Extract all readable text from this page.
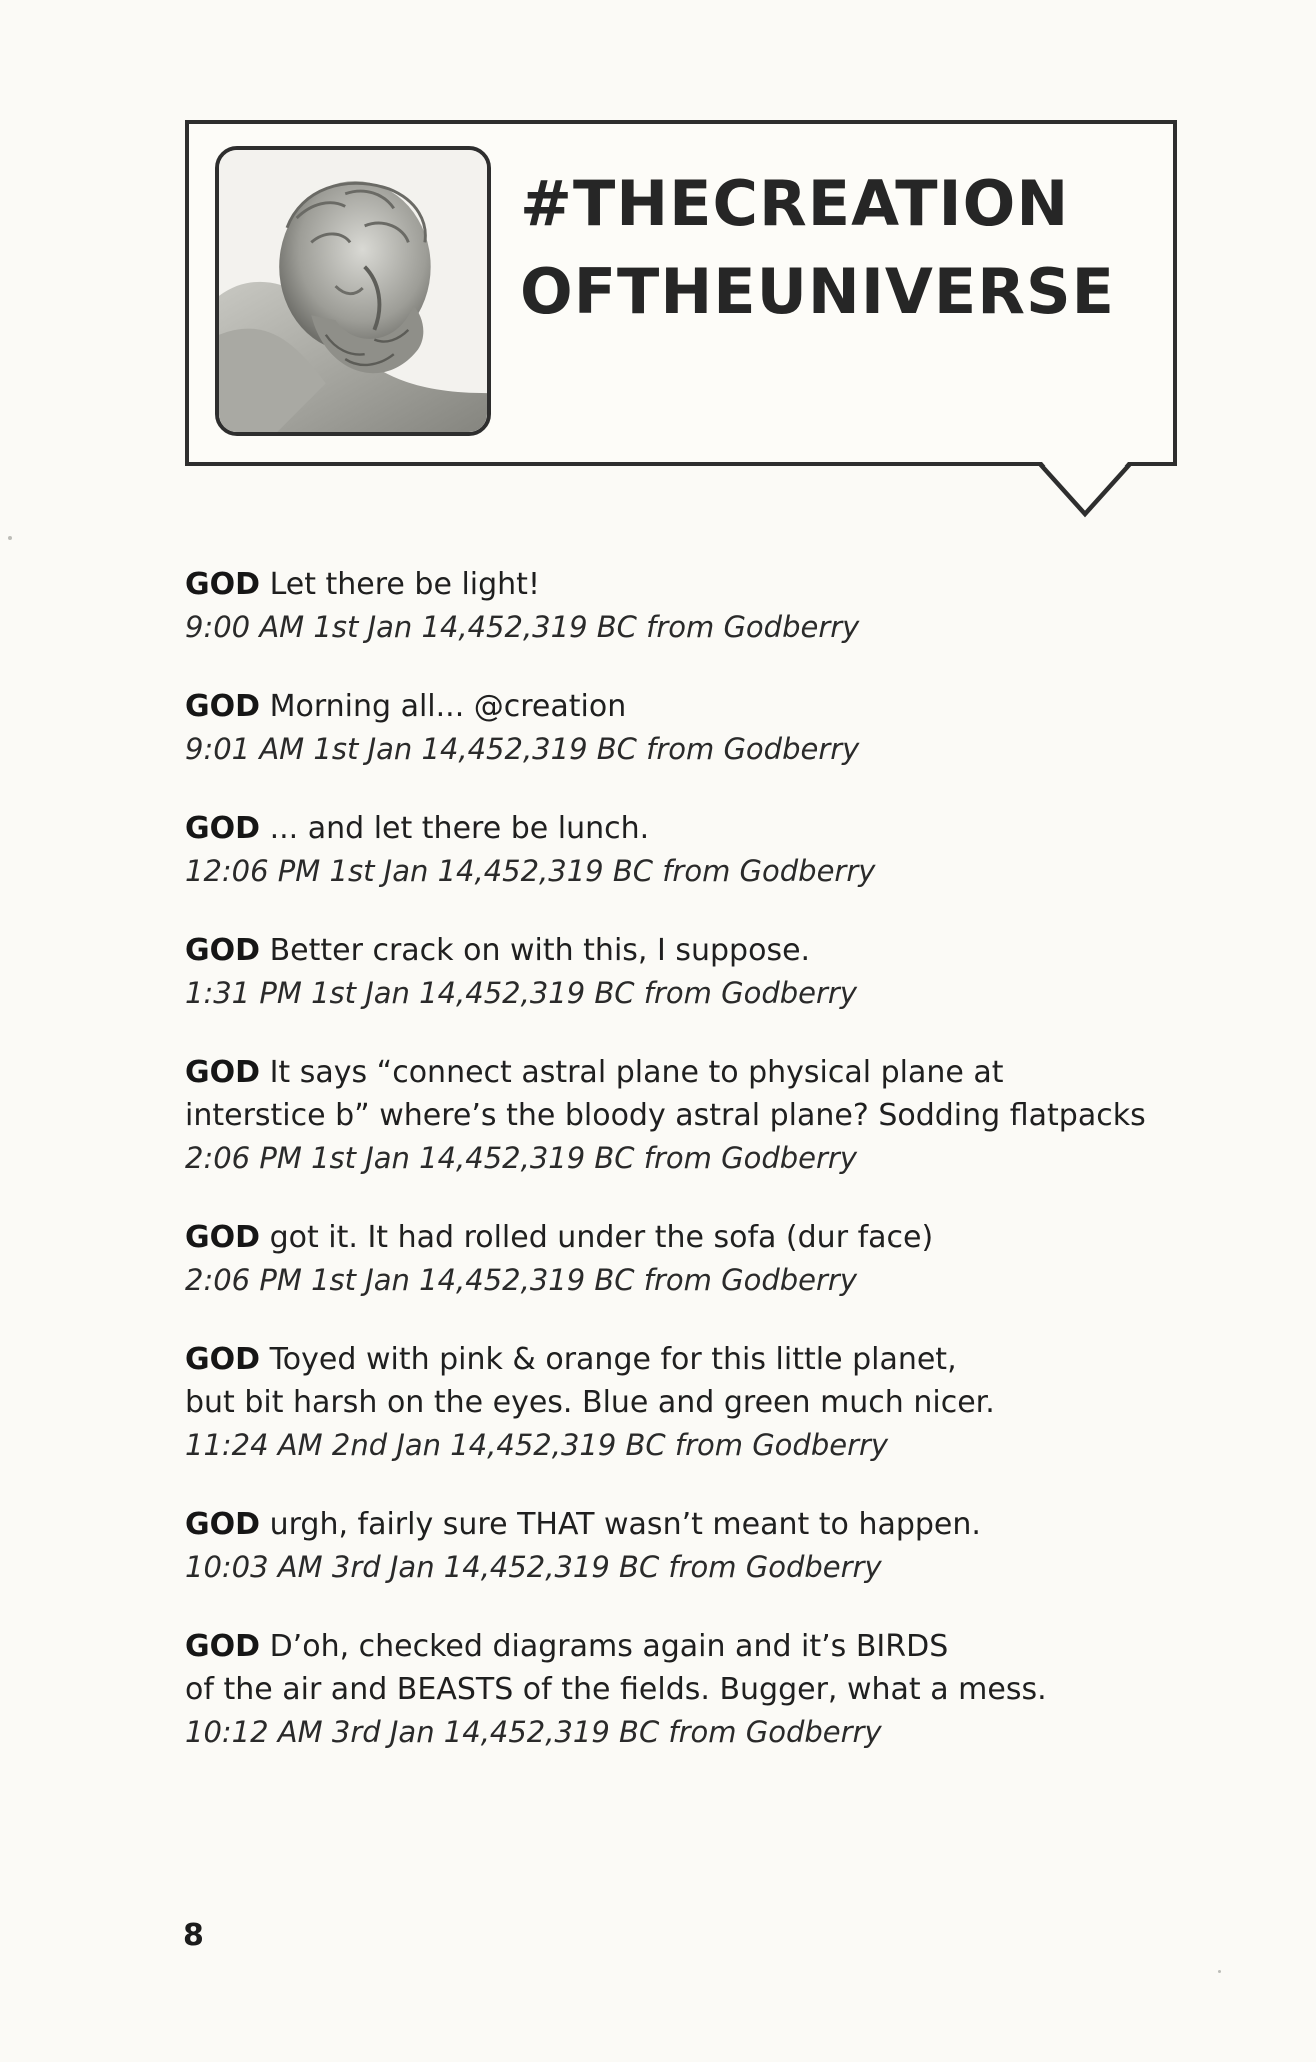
#THECREATION
OFTHEUNIVERSE

GOD Let there be light!

9:00 AM 1st Jan 14,452,319 BC from Godberry

GOD Morning all... @creation

9:01 AM 1st Jan 14,452,319 BC from Godberry

GOD ... and let there be lunch.

12:06 PM 1st Jan 14,452,319 BC from Godberry

GOD Better crack on with this, I suppose.

1:31 PM 1st Jan 14,452,319 BC from Godberry

GOD It says “connect astral plane to physical plane at
interstice b” where’s the bloody astral plane? Sodding flatpacks

2:06 PM 1st Jan 14,452,319 BC from Godberry

GOD got it. It had rolled under the sofa (dur face)

2:06 PM 1st Jan 14,452,319 BC from Godberry

GOD Toyed with pink & orange for this little planet,
but bit harsh on the eyes. Blue and green much nicer.

11:24 AM 2nd Jan 14,452,319 BC from Godberry

GOD urgh, fairly sure THAT wasn’t meant to happen.

10:03 AM 3rd Jan 14,452,319 BC from Godberry

GOD D’oh, checked diagrams again and it’s BIRDS
of the air and BEASTS of the fields. Bugger, what a mess.

10:12 AM 3rd Jan 14,452,319 BC from Godberry

8
